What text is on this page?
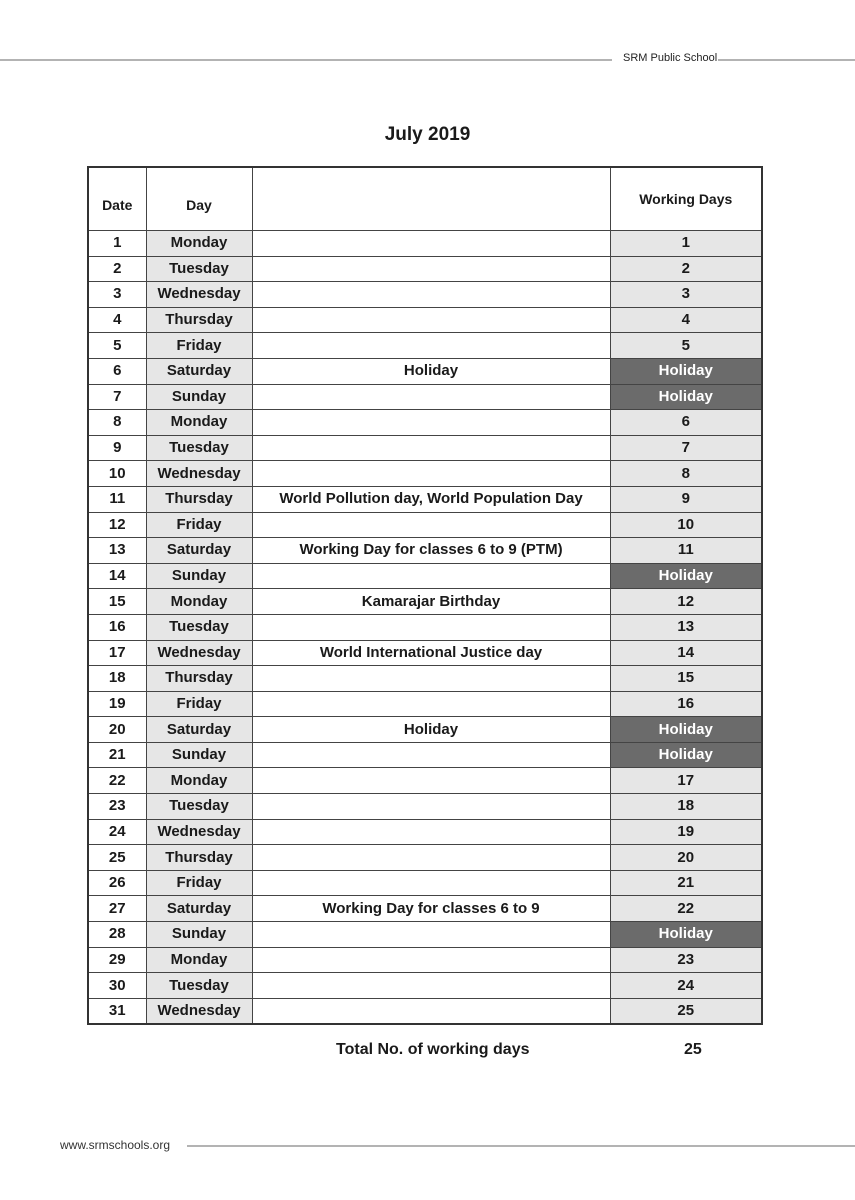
SRM Public School
July 2019
Date	Day		Working Days
1	Monday		1
2	Tuesday		2
3	Wednesday		3
4	Thursday		4
5	Friday		5
6	Saturday	Holiday	Holiday
7	Sunday		Holiday
8	Monday		6
9	Tuesday		7
10	Wednesday		8
11	Thursday	World Pollution day, World Population Day	9
12	Friday		10
13	Saturday	Working Day for classes 6 to 9 (PTM)	11
14	Sunday		Holiday
15	Monday	Kamarajar Birthday	12
16	Tuesday		13
17	Wednesday	World International Justice day	14
18	Thursday		15
19	Friday		16
20	Saturday	Holiday	Holiday
21	Sunday		Holiday
22	Monday		17
23	Tuesday		18
24	Wednesday		19
25	Thursday		20
26	Friday		21
27	Saturday	Working Day for classes 6 to 9	22
28	Sunday		Holiday
29	Monday		23
30	Tuesday		24
31	Wednesday		25
Total No. of working days	25
www.srmschools.org
